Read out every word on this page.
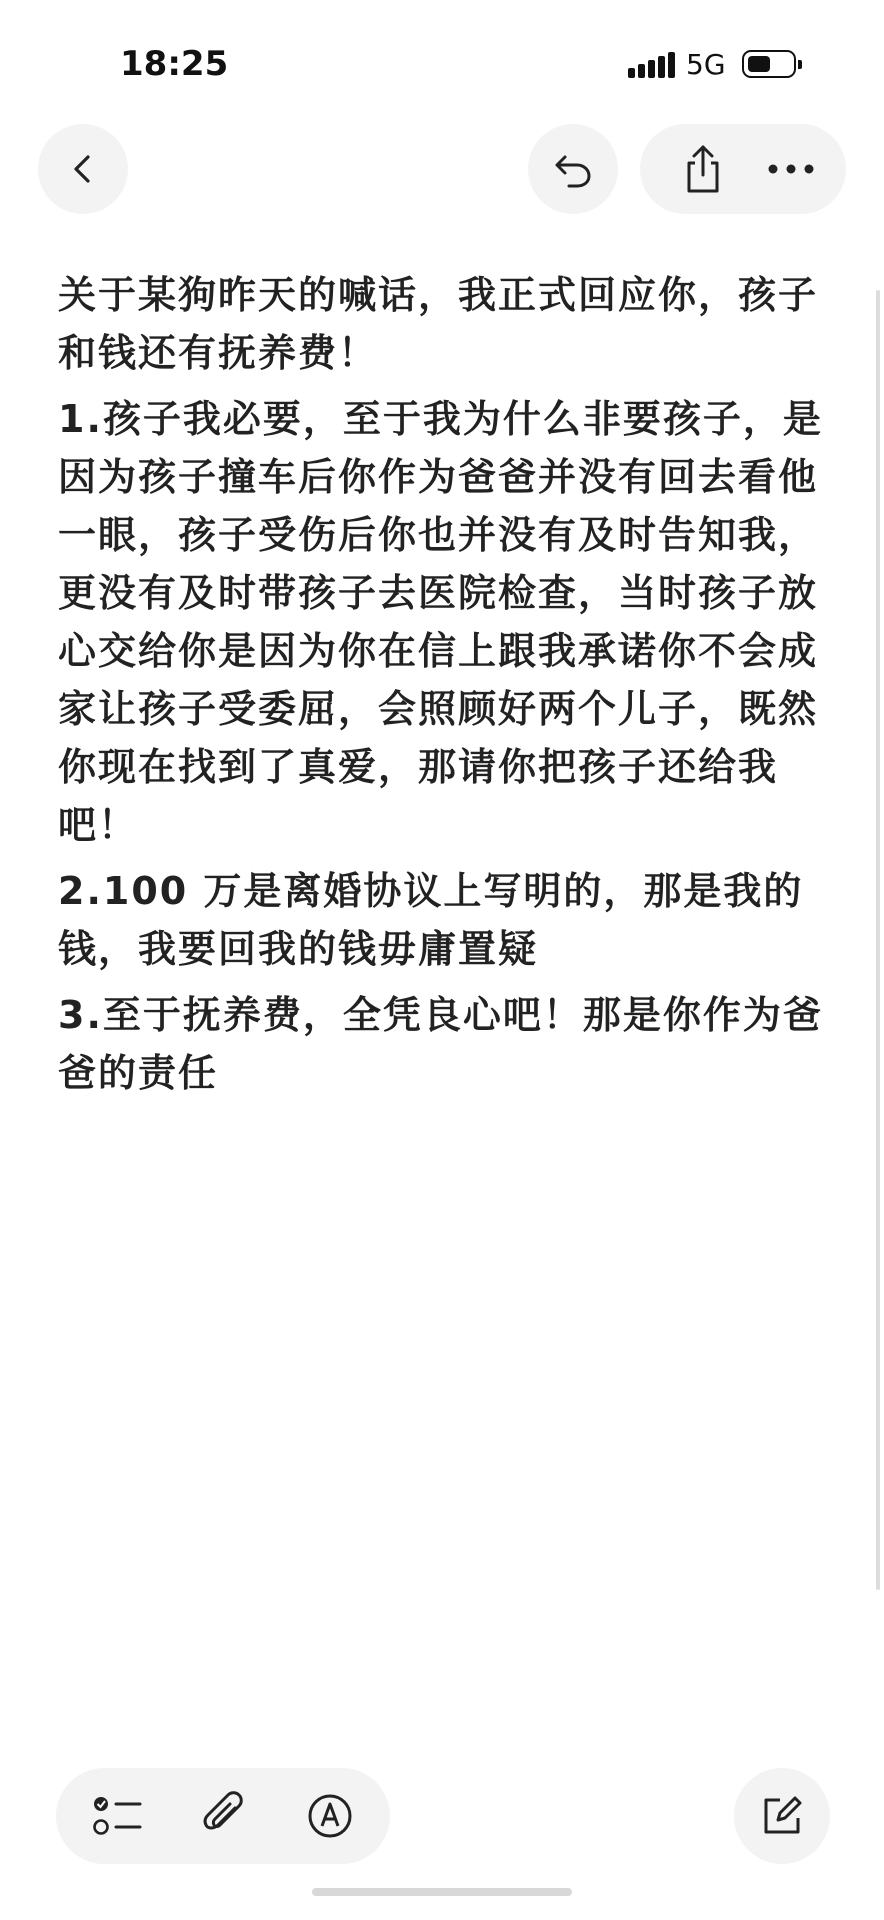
18:25	5G

关于某狗昨天的喊话，我正式回应你，孩子和钱还有抚养费！

1.孩子我必要，至于我为什么非要孩子，是因为孩子撞车后你作为爸爸并没有回去看他一眼，孩子受伤后你也并没有及时告知我，更没有及时带孩子去医院检查，当时孩子放心交给你是因为你在信上跟我承诺你不会成家让孩子受委屈，会照顾好两个儿子，既然你现在找到了真爱，那请你把孩子还给我吧！

2.100 万是离婚协议上写明的，那是我的钱，我要回我的钱毋庸置疑

3.至于抚养费，全凭良心吧！那是你作为爸爸的责任
